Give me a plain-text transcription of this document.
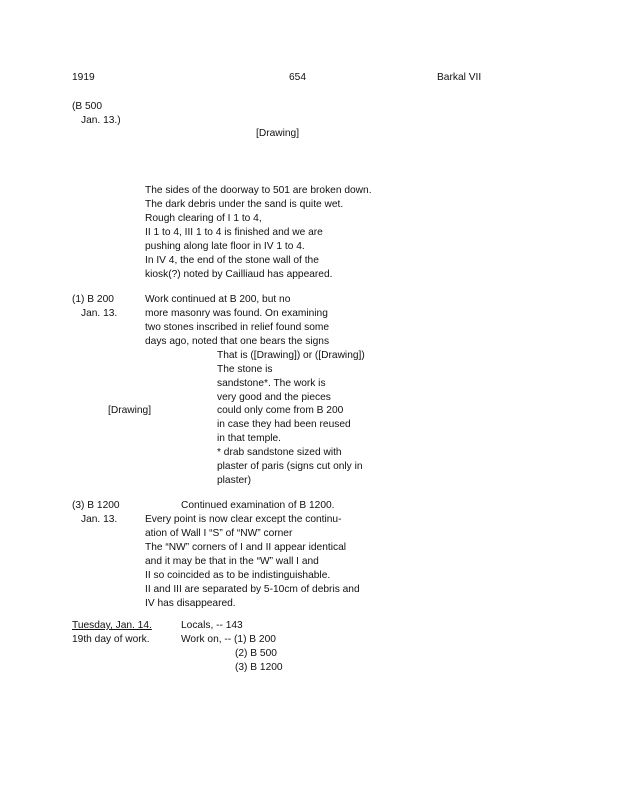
1919	654	Barkal VII
(B 500
Jan. 13.)
[Drawing]
The sides of the doorway to 501 are broken down.
The dark debris under the sand is quite wet.
Rough clearing of I 1 to 4,
II 1 to 4, III 1 to 4 is finished and we are
pushing along late floor in IV 1 to 4.
In IV 4, the end of the stone wall of the
kiosk(?) noted by Cailliaud has appeared.
(1) B 200
Jan. 13.
Work continued at B 200, but no
more masonry was found. On examining
two stones inscribed in relief found some
days ago, noted that one bears the signs
That is ([Drawing]) or ([Drawing])
The stone is
sandstone*. The work is
very good and the pieces
[Drawing]	could only come from B 200
in case they had been reused
in that temple.
* drab sandstone sized with
plaster of paris (signs cut only in
plaster)
(3) B 1200
Jan. 13.
Continued examination of B 1200.
Every point is now clear except the continu-
ation of Wall I “S” of “NW” corner
The “NW” corners of I and II appear identical
and it may be that in the “W” wall I and
II so coincided as to be indistinguishable.
II and III are separated by 5-10cm of debris and
IV has disappeared.
Tuesday, Jan. 14.
19th day of work.
Locals, -- 143
Work on, -- (1) B 200
(2) B 500
(3) B 1200
